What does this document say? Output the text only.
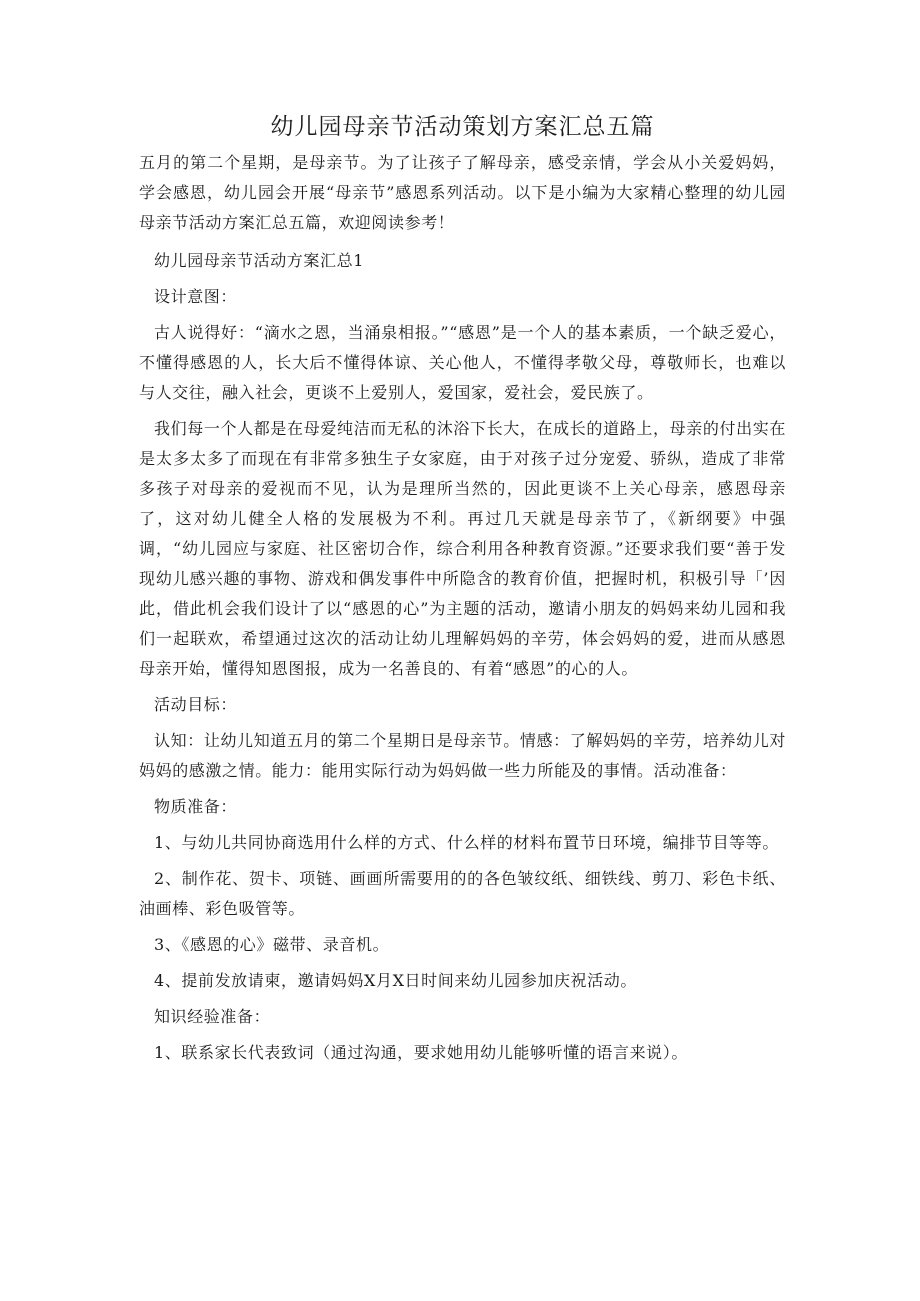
幼儿园母亲节活动策划方案汇总五篇

五月的第二个星期，是母亲节。为了让孩子了解母亲，感受亲情，学会从小关爱妈妈，学会感恩，幼儿园会开展“母亲节”感恩系列活动。以下是小编为大家精心整理的幼儿园母亲节活动方案汇总五篇，欢迎阅读参考！

幼儿园母亲节活动方案汇总1

设计意图：

古人说得好：“滴水之恩，当涌泉相报。”“感恩”是一个人的基本素质，一个缺乏爱心，不懂得感恩的人，长大后不懂得体谅、关心他人，不懂得孝敬父母，尊敬师长，也难以与人交往，融入社会，更谈不上爱别人，爱国家，爱社会，爱民族了。

我们每一个人都是在母爱纯洁而无私的沐浴下长大，在成长的道路上，母亲的付出实在是太多太多了而现在有非常多独生子女家庭，由于对孩子过分宠爱、骄纵，造成了非常多孩子对母亲的爱视而不见，认为是理所当然的，因此更谈不上关心母亲，感恩母亲了，这对幼儿健全人格的发展极为不利。再过几天就是母亲节了，《新纲要》中强调，“幼儿园应与家庭、社区密切合作，综合利用各种教育资源。”还要求我们要“善于发现幼儿感兴趣的事物、游戏和偶发事件中所隐含的教育价值，把握时机，积极引导「’因此，借此机会我们设计了以“感恩的心”为主题的活动，邀请小朋友的妈妈来幼儿园和我们一起联欢，希望通过这次的活动让幼儿理解妈妈的辛劳，体会妈妈的爱，进而从感恩母亲开始，懂得知恩图报，成为一名善良的、有着“感恩”的心的人。

活动目标：

认知：让幼儿知道五月的第二个星期日是母亲节。情感：了解妈妈的辛劳，培养幼儿对妈妈的感激之情。能力：能用实际行动为妈妈做一些力所能及的事情。活动准备：

物质准备：

1、与幼儿共同协商选用什么样的方式、什么样的材料布置节日环境，编排节目等等。

2、制作花、贺卡、项链、画画所需要用的的各色皱纹纸、细铁线、剪刀、彩色卡纸、油画棒、彩色吸管等。

3、《感恩的心》磁带、录音机。

4、提前发放请柬，邀请妈妈X月X日时间来幼儿园参加庆祝活动。

知识经验准备：

1、联系家长代表致词（通过沟通，要求她用幼儿能够听懂的语言来说）。
